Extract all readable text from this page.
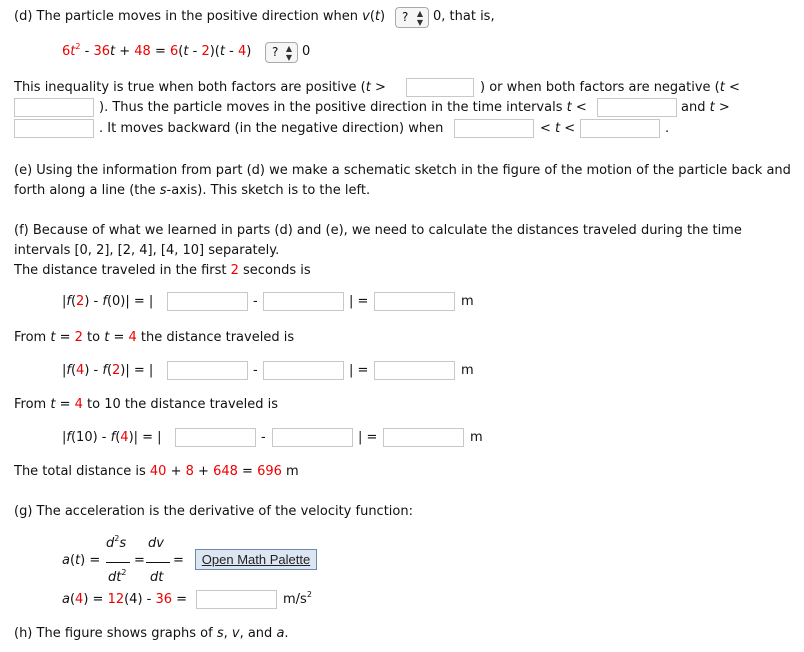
(d) The particle moves in the positive direction when v(t)	? ▲
▼ 0, that is,
$6t^2 - 36t + 48 = 6(t - 2)(t - 4)$	? ▲
▼ 0
This inequality is true when both factors are positive (t >	) or when both factors are negative (t <
). Thus the particle moves in the positive direction in the time intervals t <	and t >
. It moves backward (in the negative direction) when	< t <	.
(e) Using the information from part (d) we make a schematic sketch in the figure of the motion of the particle back and
forth along a line (the s-axis). This sketch is to the left.
(f) Because of what we learned in parts (d) and (e), we need to calculate the distances traveled during the time
intervals [0, 2], [2, 4], [4, 10] separately.
The distance traveled in the first 2 seconds is
|f(2) - f(0)| = |	-	| =	m
From t = 2 to t = 4 the distance traveled is
|f(4) - f(2)| = |	-	| =	m
From t = 4 to 10 the distance traveled is
|f(10) - f(4)| = |	-	| =	m
The total distance is 40 + 8 + 648 = 696 m
(g) The acceleration is the derivative of the velocity function:
$d^2s$ dv
a(t) =	= =
$dt^2$ dt
Open Math Palette
a(4) = 12(4) - 36 =	$m/s^2$
(h) The figure shows graphs of s, v, and a.
